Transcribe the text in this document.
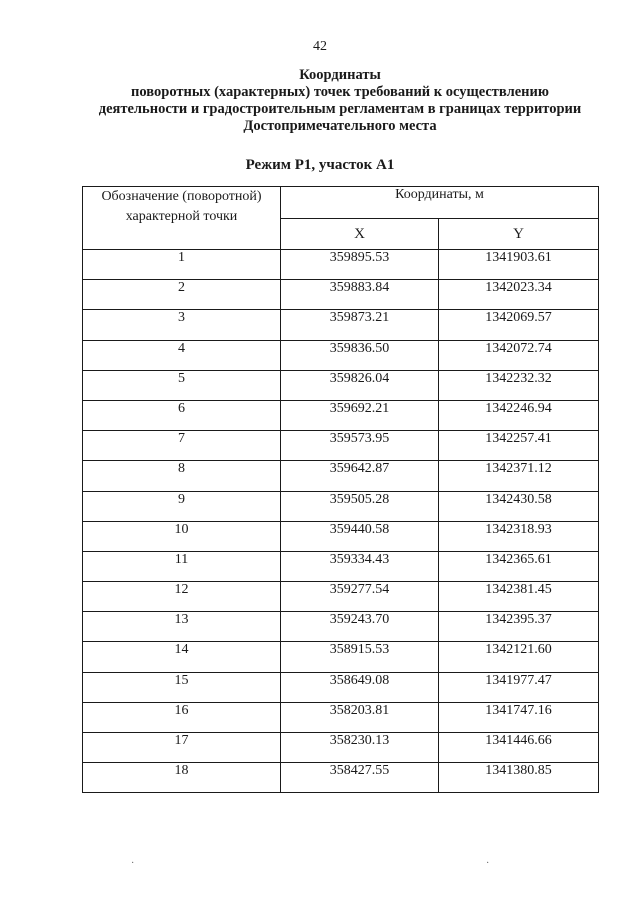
42
Координаты
поворотных (характерных) точек требований к осуществлению
деятельности и градостроительным регламентам в границах территории
Достопримечательного места
Режим Р1, участок А1
Обозначение (поворотной)
характерной точки	Координаты, м	
	X	Y
1	359895.53	1341903.61
2	359883.84	1342023.34
3	359873.21	1342069.57
4	359836.50	1342072.74
5	359826.04	1342232.32
6	359692.21	1342246.94
7	359573.95	1342257.41
8	359642.87	1342371.12
9	359505.28	1342430.58
10	359440.58	1342318.93
11	359334.43	1342365.61
12	359277.54	1342381.45
13	359243.70	1342395.37
14	358915.53	1342121.60
15	358649.08	1341977.47
16	358203.81	1341747.16
17	358230.13	1341446.66
18	358427.55	1341380.85
·	·
